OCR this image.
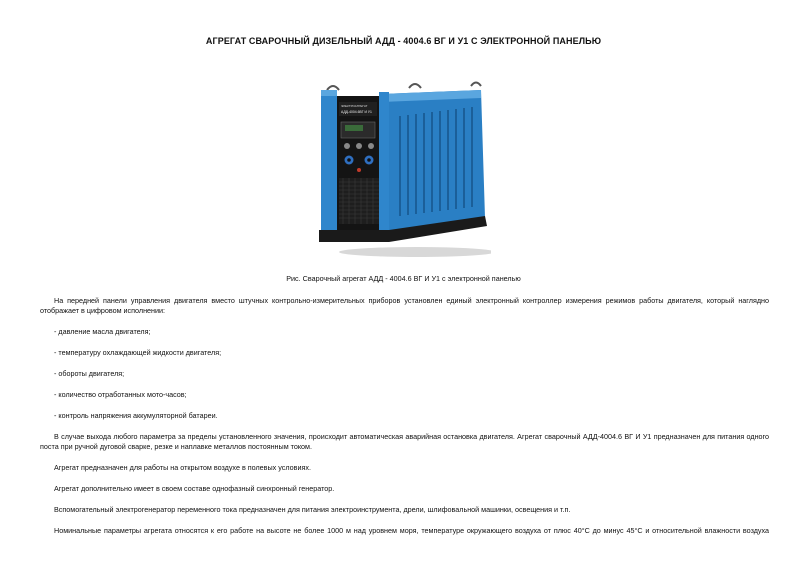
АГРЕГАТ СВАРОЧНЫЙ ДИЗЕЛЬНЫЙ АДД - 4004.6 ВГ И У1 С ЭЛЕКТРОННОЙ ПАНЕЛЬЮ
ЭЛЕКТРОАГРЕГАТ
АДД-4004.6ВГ И У1
Рис. Сварочный агрегат АДД - 4004.6 ВГ И У1 с электронной панелью

На передней панели управления двигателя вместо штучных контрольно-измерительных приборов установлен единый электронный контроллер измерения режимов работы двигателя, который наглядно отображает в цифровом исполнении:

- давление масла двигателя;
- температуру охлаждающей жидкости двигателя;
- обороты двигателя;
- количество отработанных мото-часов;
- контроль напряжения аккумуляторной батареи.

В случае выхода любого параметра за пределы установленного значения, происходит автоматическая аварийная остановка двигателя. Агрегат сварочный АДД-4004.6 ВГ И У1 предназначен для питания одного поста при ручной дуговой сварке, резке и наплавке металлов постоянным током.

Агрегат предназначен для работы на открытом воздухе в полевых условиях.

Агрегат дополнительно имеет в своем составе однофазный синхронный генератор.

Вспомогательный электрогенератор переменного тока предназначен для питания электроинструмента, дрели, шлифовальной машинки, освещения и т.п.

Номинальные параметры агрегата относятся к его работе на высоте не более 1000 м над уровнем моря, температуре окружающего воздуха от плюс 40°С до минус 45°С и относительной влажности воздуха
